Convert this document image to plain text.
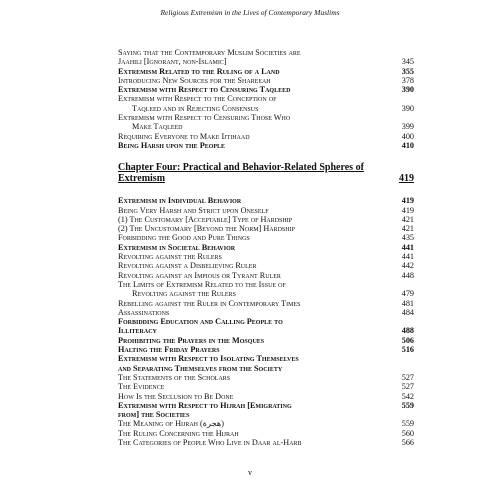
Religious Extremism in the Lives of Contemporary Muslims
Saying that the Contemporary Muslim Societies are
Jaahili [Ignorant, non-Islamic]	345
Extremism Related to the Ruling of a Land	355
Introducing New Sources for the Shareeah	378
Extremism with Respect to Censuring Taqleed	390
Extremism with Respect to the Conception of
Taqleed and in Rejecting Consensus	390
Extremism with Respect to Censuring Those Who
Make Taqleed	399
Requiring Everyone to Make Ijtihaad	400
Being Harsh upon the People	410
Chapter Four: Practical and Behavior-Related Spheres of Extremism	419
Extremism in Individual Behavior	419
Being Very Harsh and Strict upon Oneself	419
(1) The Customary [Acceptable] Type of Hardship	421
(2) The Uncustomary [Beyond the Norm] Hardship	421
Forbidding the Good and Pure Things	435
Extremism in Societal Behavior	441
Revolting against the Rulers	441
Revolting against a Disbelieving Ruler	442
Revolting against an Impious or Tyrant Ruler	448
The Limits of Extremism Related to the Issue of
Revolting against the Rulers	479
Rebelling against the Ruler in Contemporary Times	481
Assassinations	484
Forbidding Education and Calling People to
Illiteracy	488
Prohibiting the Prayers in the Mosques	506
Halting the Friday Prayers	516
Extremism with Respect to Isolating Themselves
and Separating Themselves from the Society
The Statements of the Scholars	527
The Evidence	527
How Is the Seclusion to Be Done	542
Extremism with Respect to Hijrah [Emigrating	559
from] the Societies
The Meaning of Hijrah (هجرة)	559
The Ruling Concerning the Hijrah	560
The Categories of People Who Live in Daar al-Harb	566
v
